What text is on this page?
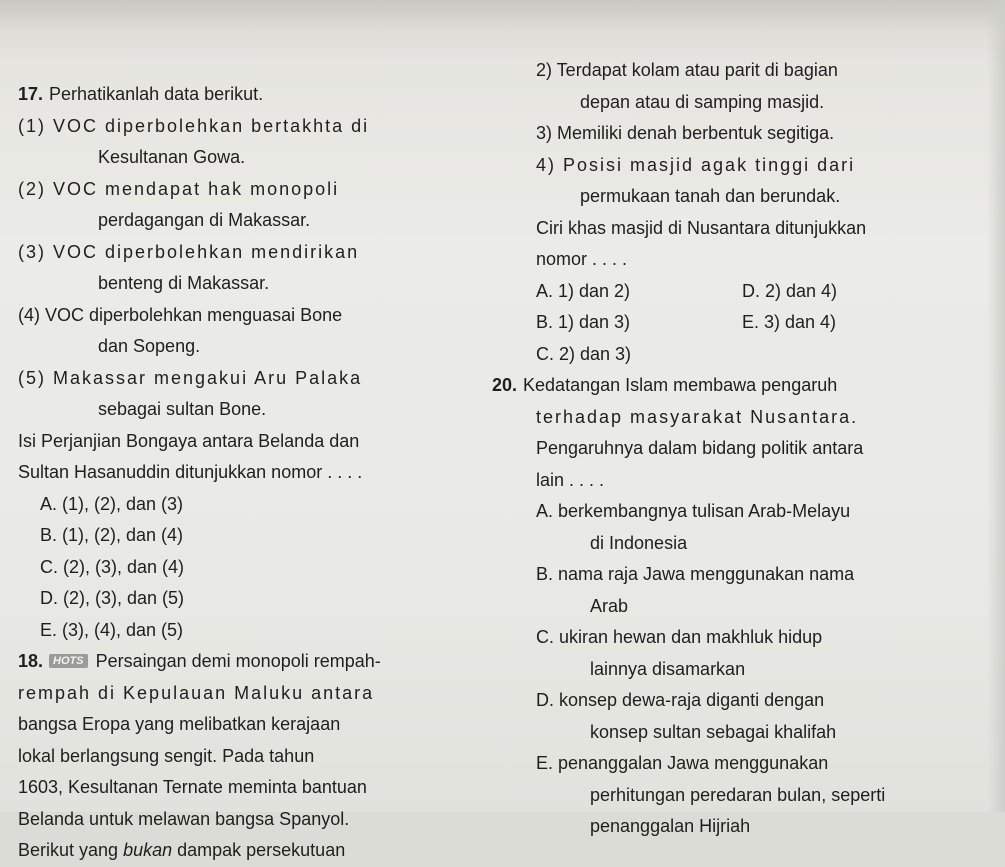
17. Perhatikanlah data berikut.
(1) VOC diperbolehkan bertakhta di
Kesultanan Gowa.
(2) VOC mendapat hak monopoli
perdagangan di Makassar.
(3) VOC diperbolehkan mendirikan
benteng di Makassar.
(4) VOC diperbolehkan menguasai Bone
dan Sopeng.
(5) Makassar mengakui Aru Palaka
sebagai sultan Bone.
Isi Perjanjian Bongaya antara Belanda dan
Sultan Hasanuddin ditunjukkan nomor . . . .
A. (1), (2), dan (3)
B. (1), (2), dan (4)
C. (2), (3), dan (4)
D. (2), (3), dan (5)
E. (3), (4), dan (5)
18. HOTS Persaingan demi monopoli rempah-
rempah di Kepulauan Maluku antara
bangsa Eropa yang melibatkan kerajaan
lokal berlangsung sengit. Pada tahun
1603, Kesultanan Ternate meminta bantuan
Belanda untuk melawan bangsa Spanyol.
Berikut yang bukan dampak persekutuan
2) Terdapat kolam atau parit di bagian
depan atau di samping masjid.
3) Memiliki denah berbentuk segitiga.
4) Posisi masjid agak tinggi dari
permukaan tanah dan berundak.
Ciri khas masjid di Nusantara ditunjukkan
nomor . . . .
A. 1) dan 2)	D. 2) dan 4)
B. 1) dan 3)	E. 3) dan 4)
C. 2) dan 3)
20. Kedatangan Islam membawa pengaruh
terhadap masyarakat Nusantara.
Pengaruhnya dalam bidang politik antara
lain . . . .
A. berkembangnya tulisan Arab-Melayu
di Indonesia
B. nama raja Jawa menggunakan nama
Arab
C. ukiran hewan dan makhluk hidup
lainnya disamarkan
D. konsep dewa-raja diganti dengan
konsep sultan sebagai khalifah
E. penanggalan Jawa menggunakan
perhitungan peredaran bulan, seperti
penanggalan Hijriah
